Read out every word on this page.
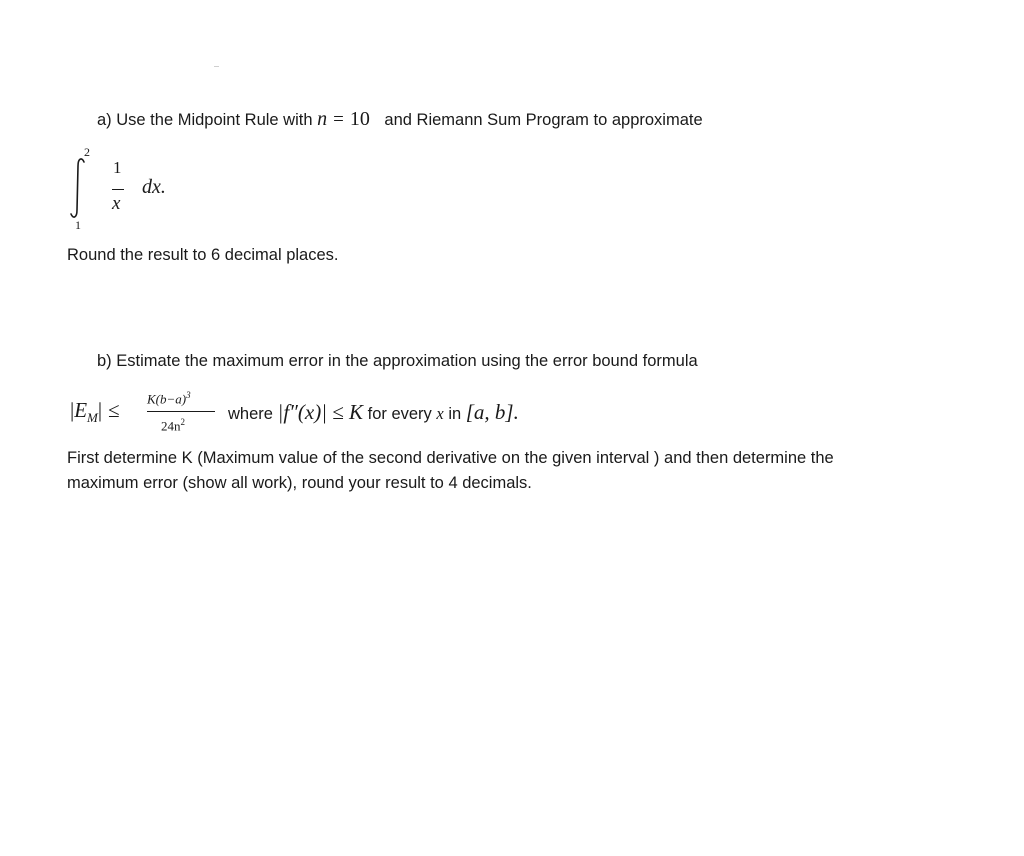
a) Use the Midpoint Rule with n = 10 and Riemann Sum Program to approximate
2
1
1
x
dx.
Round the result to 6 decimal places.
b) Estimate the maximum error in the approximation using the error bound formula
$|E_M| \le K(b-a)^3$
$24n^2$	where |f″(x)| ≤ K for every x in [a, b].
First determine K (Maximum value of the second derivative on the given interval ) and then determine the
maximum error (show all work), round your result to 4 decimals.
